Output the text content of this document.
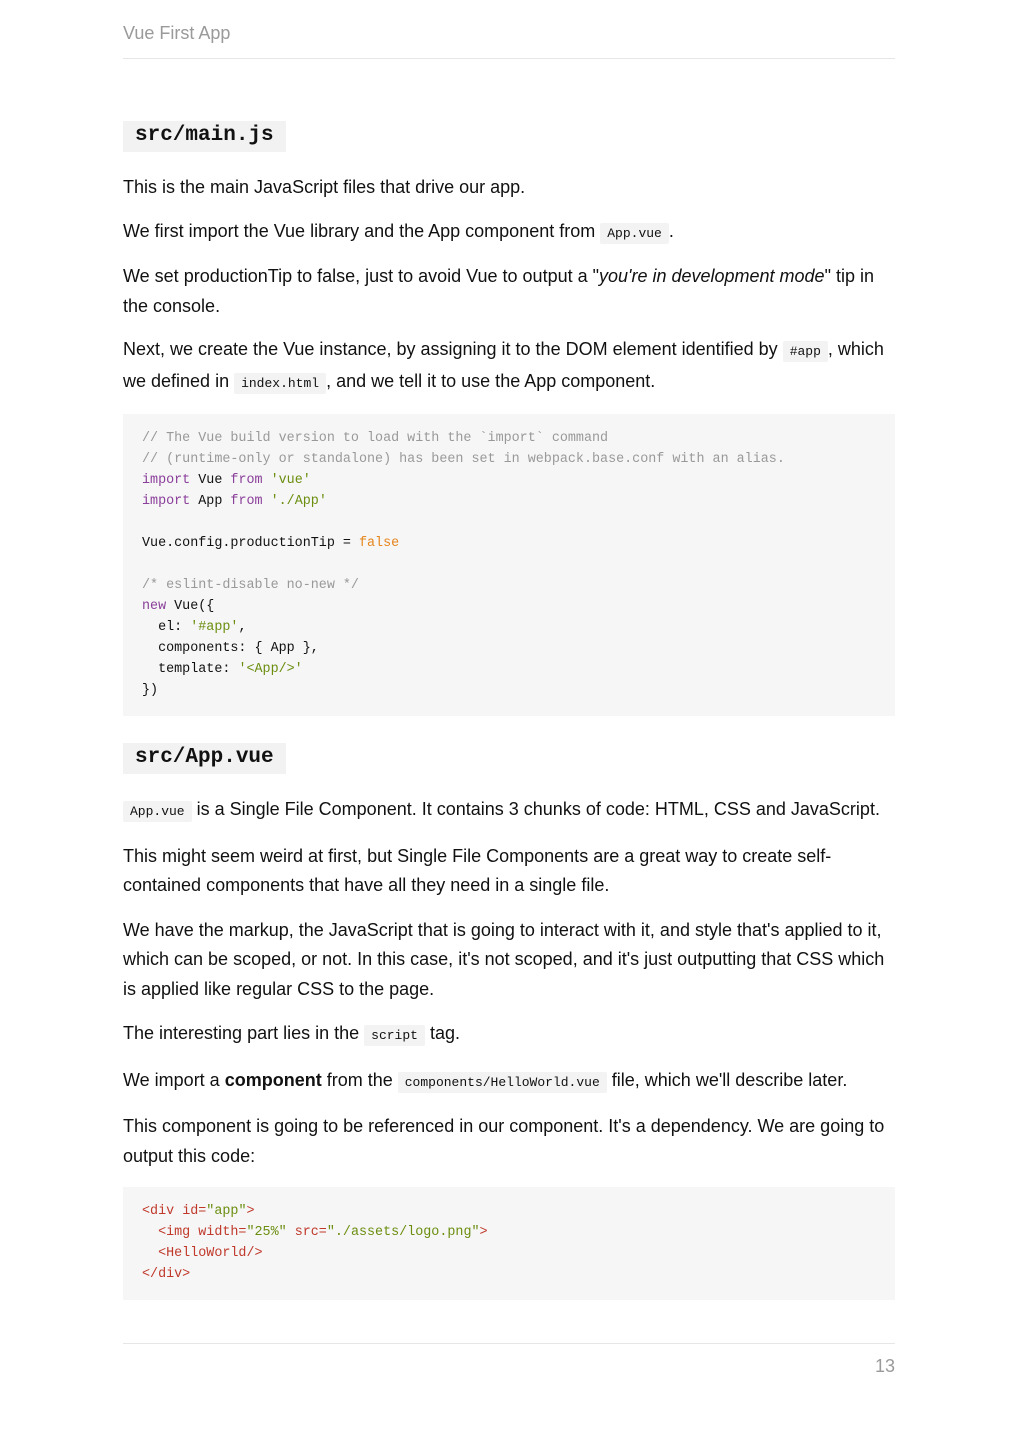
Vue First App
src/main.js

This is the main JavaScript files that drive our app.

We first import the Vue library and the App component from App.vue .

We set productionTip to false, just to avoid Vue to output a "you're in development mode" tip in the console.

Next, we create the Vue instance, by assigning it to the DOM element identified by #app , which we defined in index.html , and we tell it to use the App component.

// The Vue build version to load with the `import` command
// (runtime-only or standalone) has been set in webpack.base.conf with an alias.
import Vue from 'vue'
import App from './App'
Vue.config.productionTip = false
/* eslint-disable no-new */
new Vue({
el: '#app',
components: { App },
template: '<App/>'
})
src/App.vue

App.vue is a Single File Component. It contains 3 chunks of code: HTML, CSS and JavaScript.

This might seem weird at first, but Single File Components are a great way to create self-contained components that have all they need in a single file.

We have the markup, the JavaScript that is going to interact with it, and style that's applied to it, which can be scoped, or not. In this case, it's not scoped, and it's just outputting that CSS which is applied like regular CSS to the page.

The interesting part lies in the script tag.

We import a component from the components/HelloWorld.vue file, which we'll describe later.

This component is going to be referenced in our component. It's a dependency. We are going to output this code:

<div id="app">
<img width="25%" src="./assets/logo.png">
<HelloWorld/>
</div>
13
